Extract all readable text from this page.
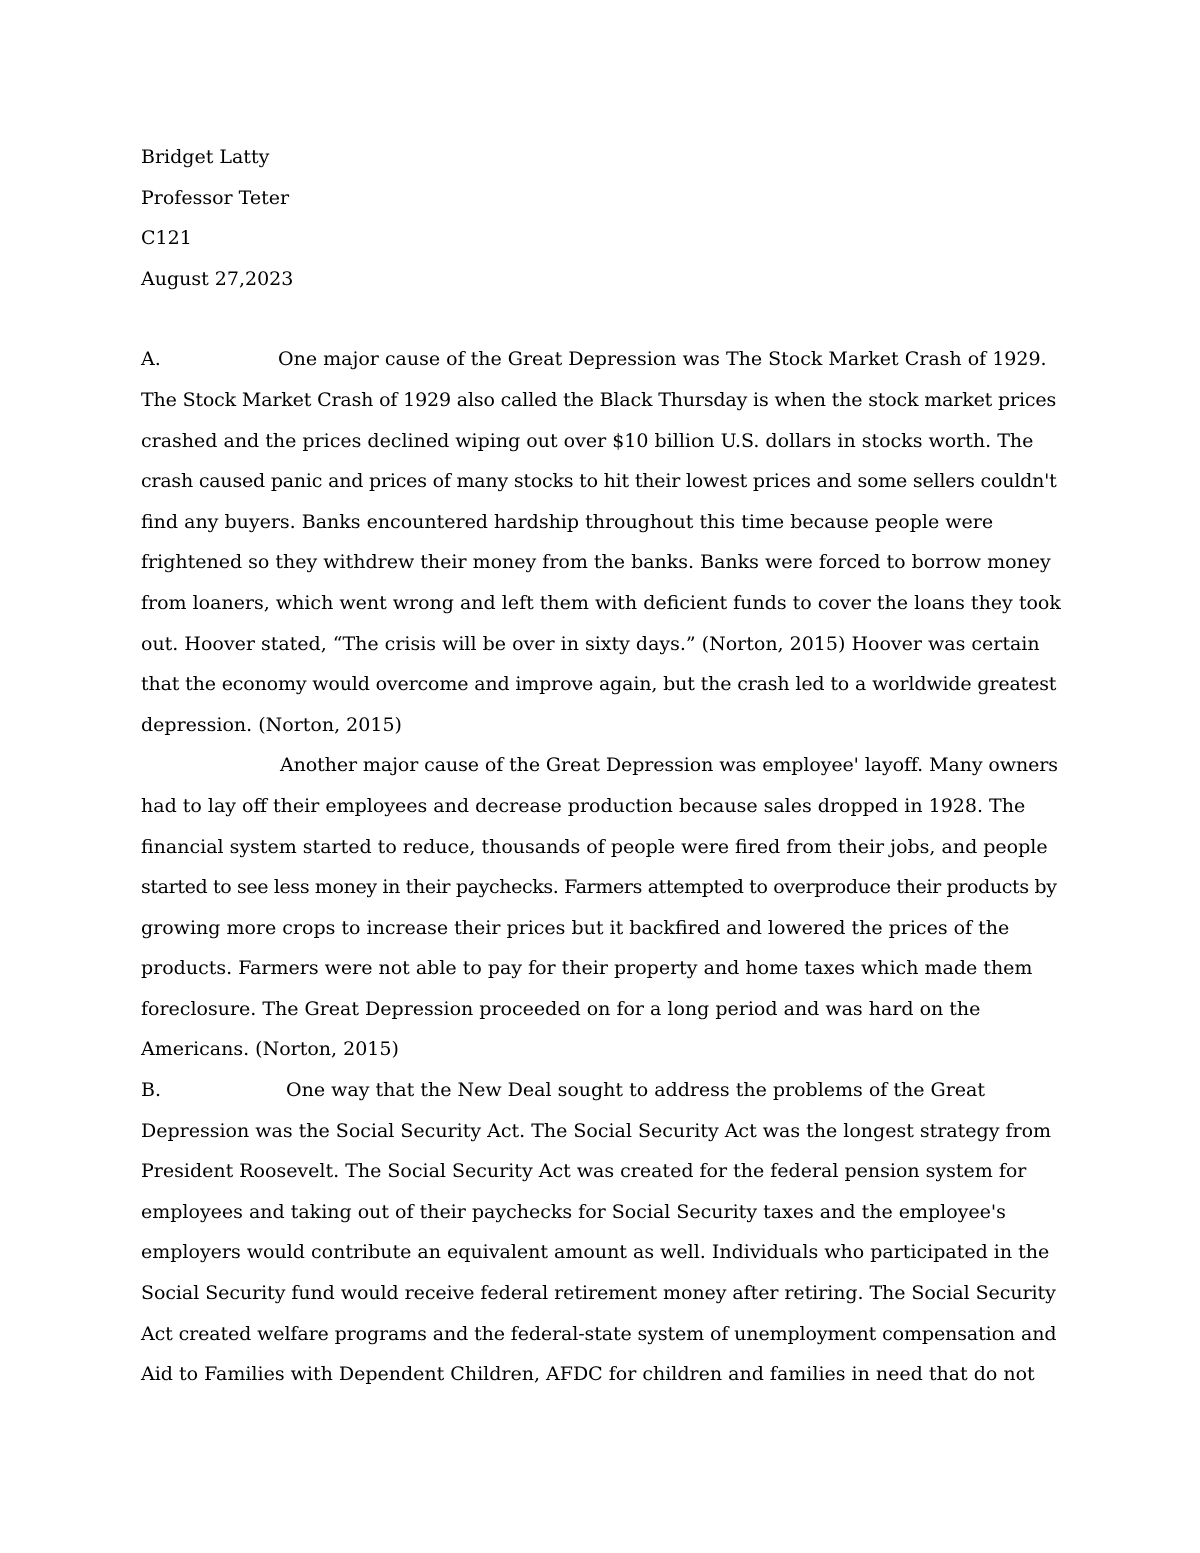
Bridget Latty
Professor Teter
C121
August 27,2023
A.	One major cause of the Great Depression was The Stock Market Crash of 1929.
The Stock Market Crash of 1929 also called the Black Thursday is when the stock market prices
crashed and the prices declined wiping out over $10 billion U.S. dollars in stocks worth. The
crash caused panic and prices of many stocks to hit their lowest prices and some sellers couldn't
find any buyers. Banks encountered hardship throughout this time because people were
frightened so they withdrew their money from the banks. Banks were forced to borrow money
from loaners, which went wrong and left them with deficient funds to cover the loans they took
out. Hoover stated, “The crisis will be over in sixty days.” (Norton, 2015) Hoover was certain
that the economy would overcome and improve again, but the crash led to a worldwide greatest
depression. (Norton, 2015)
Another major cause of the Great Depression was employee' layoff. Many owners
had to lay off their employees and decrease production because sales dropped in 1928. The
financial system started to reduce, thousands of people were fired from their jobs, and people
started to see less money in their paychecks. Farmers attempted to overproduce their products by
growing more crops to increase their prices but it backfired and lowered the prices of the
products. Farmers were not able to pay for their property and home taxes which made them
foreclosure. The Great Depression proceeded on for a long period and was hard on the
Americans. (Norton, 2015)
B.	One way that the New Deal sought to address the problems of the Great
Depression was the Social Security Act. The Social Security Act was the longest strategy from
President Roosevelt. The Social Security Act was created for the federal pension system for
employees and taking out of their paychecks for Social Security taxes and the employee's
employers would contribute an equivalent amount as well. Individuals who participated in the
Social Security fund would receive federal retirement money after retiring. The Social Security
Act created welfare programs and the federal-state system of unemployment compensation and
Aid to Families with Dependent Children, AFDC for children and families in need that do not
